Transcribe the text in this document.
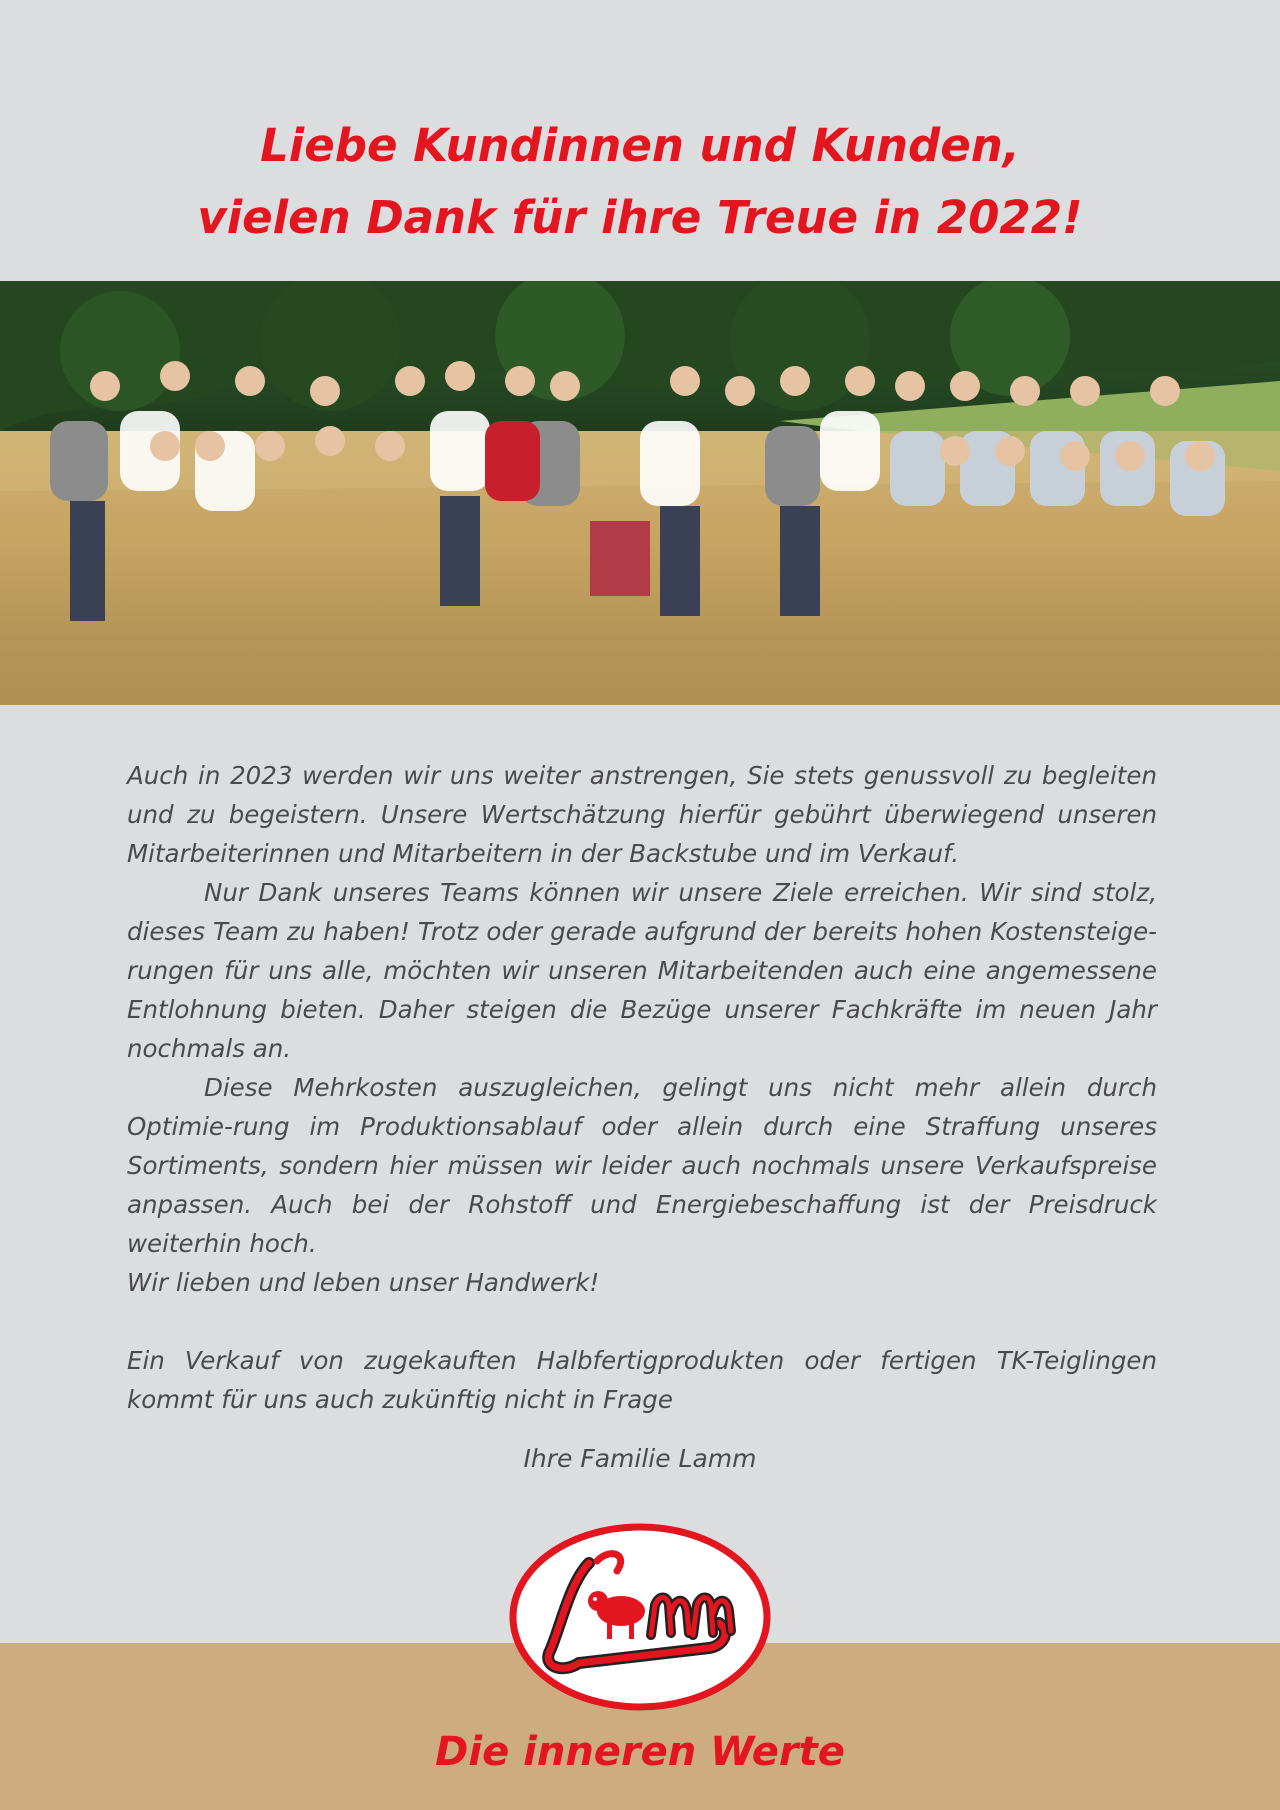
Liebe Kundinnen und Kunden,
vielen Dank für ihre Treue in 2022!

Auch in 2023 werden wir uns weiter anstrengen, Sie stets genussvoll zu begleiten und zu begeistern. Unsere Wertschätzung hierfür gebührt überwiegend unseren Mitarbeiterinnen und Mitarbeitern in der Backstube und im Verkauf.

Nur Dank unseres Teams können wir unsere Ziele erreichen. Wir sind stolz, dieses Team zu haben! Trotz oder gerade aufgrund der bereits hohen Kostensteige-rungen für uns alle, möchten wir unseren Mitarbeitenden auch eine angemessene Entlohnung bieten. Daher steigen die Bezüge unserer Fachkräfte im neuen Jahr nochmals an.

Diese Mehrkosten auszugleichen, gelingt uns nicht mehr allein durch Optimie-rung im Produktionsablauf oder allein durch eine Straffung unseres Sortiments, sondern hier müssen wir leider auch nochmals unsere Verkaufspreise anpassen. Auch bei der Rohstoff und Energiebeschaffung ist der Preisdruck weiterhin hoch.

Wir lieben und leben unser Handwerk!

Ein Verkauf von zugekauften Halbfertigprodukten oder fertigen TK-Teiglingen kommt für uns auch zukünftig nicht in Frage

Ihre Familie Lamm
Die inneren Werte
